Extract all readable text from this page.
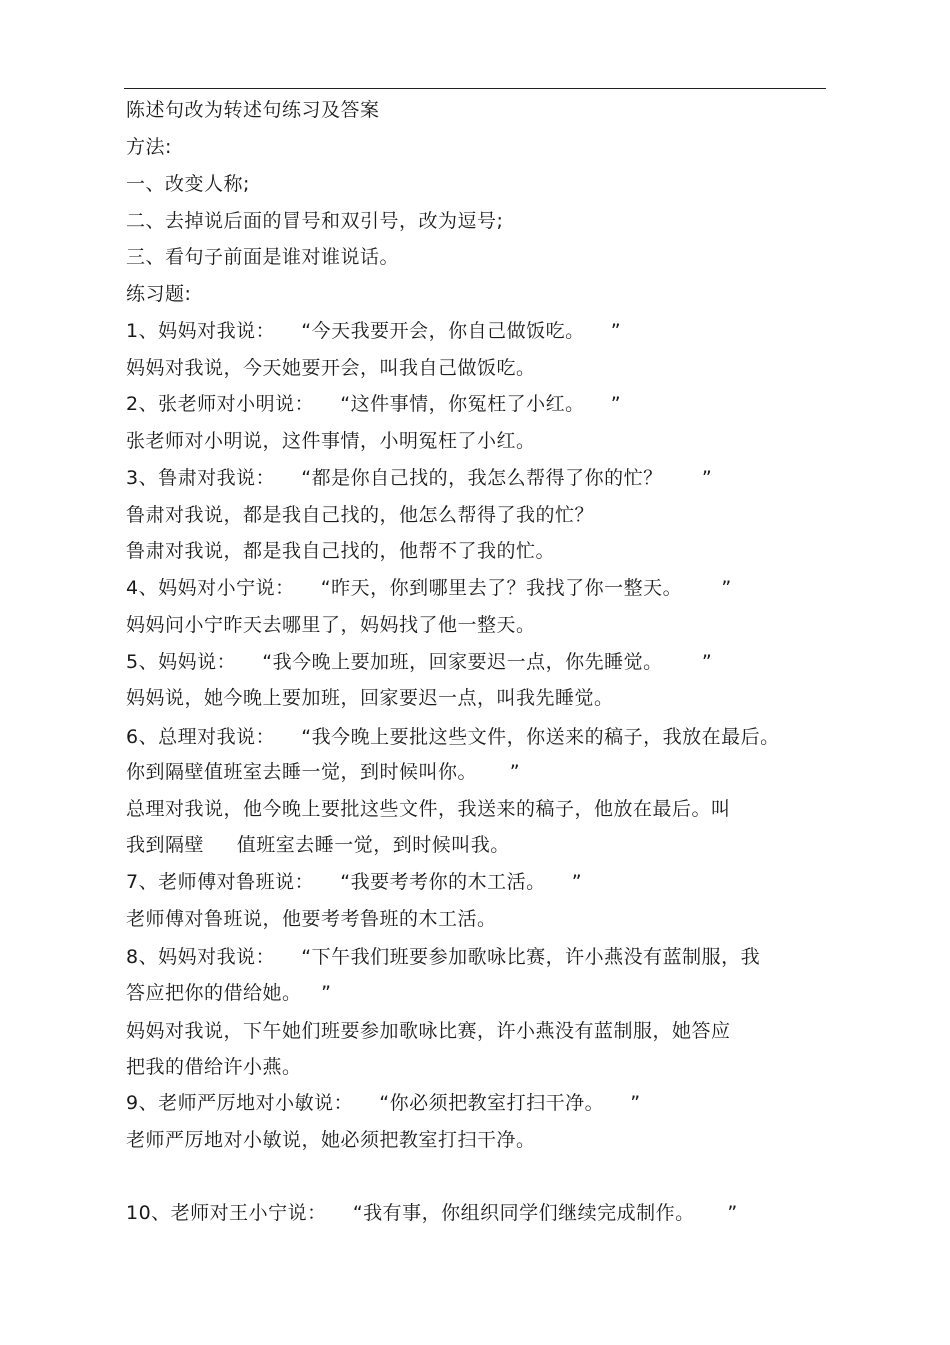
陈述句改为转述句练习及答案
方法:
一、改变人称;
二、去掉说后面的冒号和双引号，改为逗号;
三、看句子前面是谁对谁说话。
练习题:
1、妈妈对我说：    “今天我要开会，你自己做饭吃。    ”
妈妈对我说，今天她要开会，叫我自己做饭吃。
2、张老师对小明说：    “这件事情，你冤枉了小红。    ”
张老师对小明说，这件事情，小明冤枉了小红。
3、鲁肃对我说：    “都是你自己找的，我怎么帮得了你的忙？      ”
鲁肃对我说，都是我自己找的，他怎么帮得了我的忙？
鲁肃对我说，都是我自己找的，他帮不了我的忙。
4、妈妈对小宁说：    “昨天，你到哪里去了？我找了你一整天。      ”
妈妈问小宁昨天去哪里了，妈妈找了他一整天。
5、妈妈说：    “我今晚上要加班，回家要迟一点，你先睡觉。      ”
妈妈说，她今晚上要加班，回家要迟一点，叫我先睡觉。
6、总理对我说：    “我今晚上要批这些文件，你送来的稿子，我放在最后。
你到隔壁值班室去睡一觉，到时候叫你。     ”
总理对我说，他今晚上要批这些文件，我送来的稿子，他放在最后。叫
我到隔壁     值班室去睡一觉，到时候叫我。
7、老师傅对鲁班说：    “我要考考你的木工活。    ”
老师傅对鲁班说，他要考考鲁班的木工活。
8、妈妈对我说：    “下午我们班要参加歌咏比赛，许小燕没有蓝制服，我
答应把你的借给她。   ”
妈妈对我说，下午她们班要参加歌咏比赛，许小燕没有蓝制服，她答应
把我的借给许小燕。
9、老师严厉地对小敏说：    “你必须把教室打扫干净。    ”
老师严厉地对小敏说，她必须把教室打扫干净。
10、老师对王小宁说：    “我有事，你组织同学们继续完成制作。     ”
